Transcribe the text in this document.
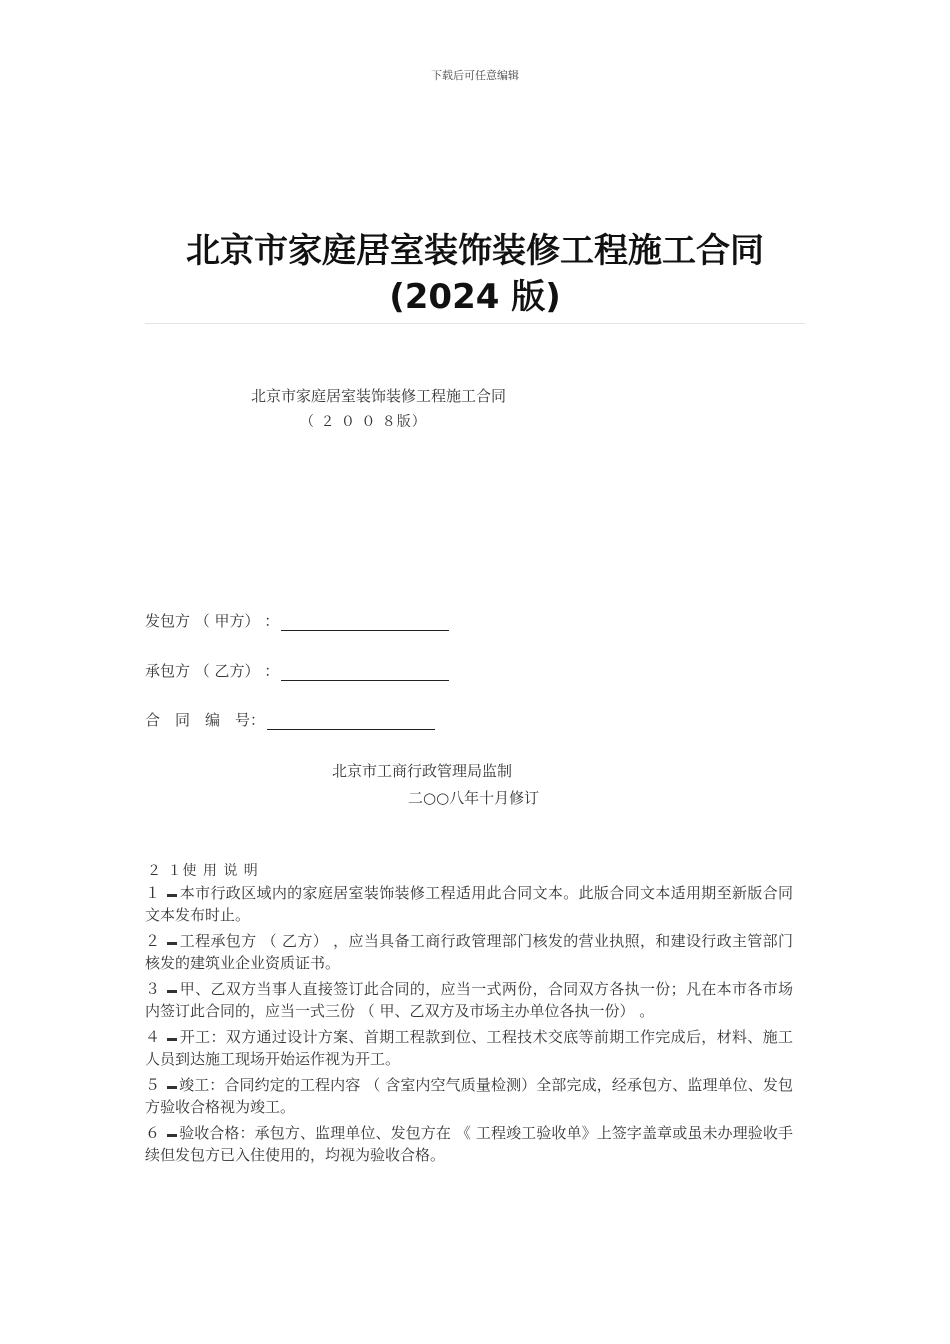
下载后可任意编辑
北京市家庭居室装饰装修工程施工合同
(2024 版)
北京市家庭居室装饰装修工程施工合同
（ ２ ０ ０ ８版）
发包方 （ 甲方） ：
承包方 （ 乙方） ：
合　同　编　号：
北京市工商行政管理局监制
二○○八年十月修订
２ １使 用 说 明
１ 本市行政区域内的家庭居室装饰装修工程适用此合同文本。此版合同文本适用期至新版合同文本发布时止。
２ 工程承包方 （ 乙方） ，应当具备工商行政管理部门核发的营业执照，和建设行政主管部门核发的建筑业企业资质证书。
３ 甲、乙双方当事人直接签订此合同的，应当一式两份，合同双方各执一份；凡在本市各市场内签订此合同的，应当一式三份 （ 甲、乙双方及市场主办单位各执一份） 。
４ 开工：双方通过设计方案、首期工程款到位、工程技术交底等前期工作完成后，材料、施工人员到达施工现场开始运作视为开工。
５ 竣工：合同约定的工程内容 （ 含室内空气质量检测）全部完成，经承包方、监理单位、发包方验收合格视为竣工。
６ 验收合格：承包方、监理单位、发包方在 《 工程竣工验收单》上签字盖章或虽未办理验收手续但发包方已入住使用的，均视为验收合格。
